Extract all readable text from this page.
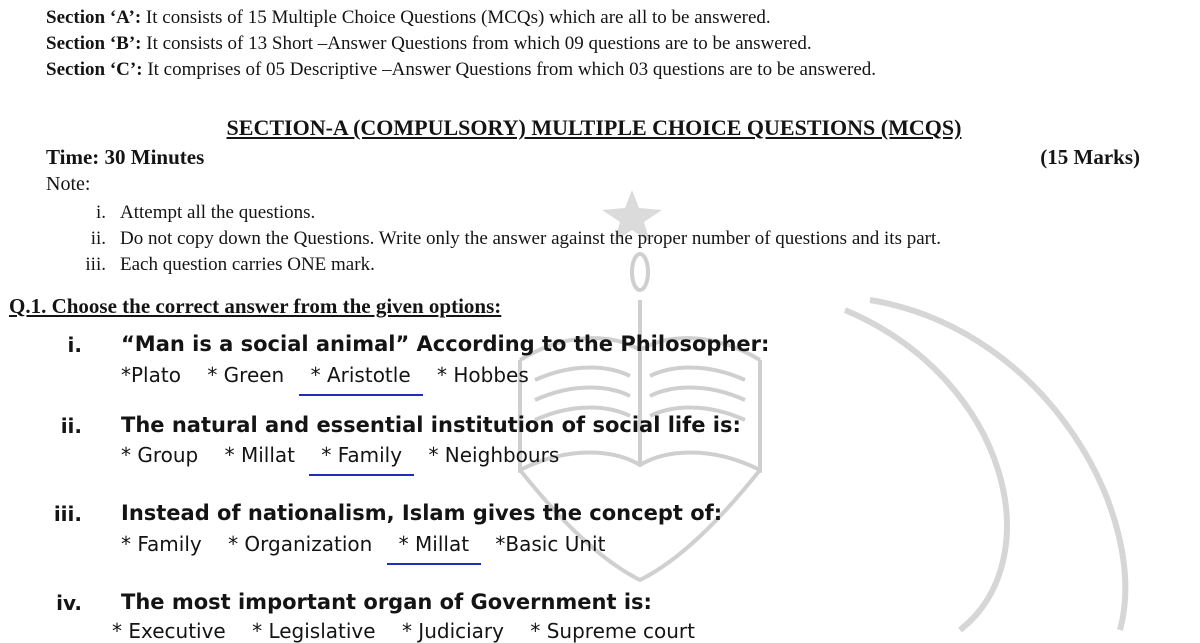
Section ‘A’: It consists of 15 Multiple Choice Questions (MCQs) which are all to be answered.
Section ‘B’: It consists of 13 Short –Answer Questions from which 09 questions are to be answered.
Section ‘C’: It comprises of 05 Descriptive –Answer Questions from which 03 questions are to be answered.
SECTION-A (COMPULSORY) MULTIPLE CHOICE QUESTIONS (MCQS)
Time: 30 Minutes	(15 Marks)
Note:
i. Attempt all the questions.
ii. Do not copy down the Questions. Write only the answer against the proper number of questions and its part.
iii. Each question carries ONE mark.
Q.1. Choose the correct answer from the given options:
i. “Man is a social animal” According to the Philosopher:
*Plato * Green * Aristotle * Hobbes
ii. The natural and essential institution of social life is:
* Group * Millat * Family * Neighbours
iii. Instead of nationalism, Islam gives the concept of:
* Family * Organization * Millat *Basic Unit
iv. The most important organ of Government is:
* Executive * Legislative * Judiciary * Supreme court
